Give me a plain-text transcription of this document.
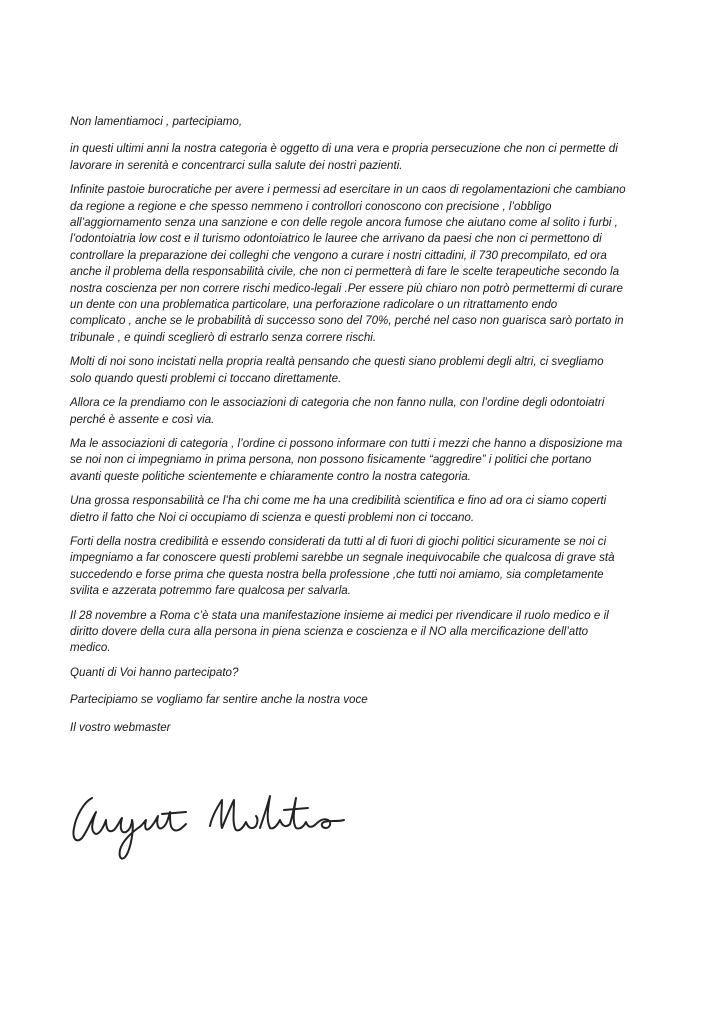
Non lamentiamoci , partecipiamo,

in questi ultimi anni la nostra categoria è oggetto di una vera e propria persecuzione che non ci permette di
lavorare in serenità e concentrarci sulla salute dei nostri pazienti.

Infinite pastoie burocratiche per avere i permessi ad esercitare in un caos di regolamentazioni che cambiano
da regione a regione e che spesso nemmeno i controllori conoscono con precisione , l’obbligo
all’aggiornamento senza una sanzione e con delle regole ancora fumose che aiutano come al solito i furbi ,
l’odontoiatria low cost e il turismo odontoiatrico le lauree che arrivano da paesi che non ci permettono di
controllare la preparazione dei colleghi che vengono a curare i nostri cittadini, il 730 precompilato, ed ora
anche il problema della responsabilità civile, che non ci permetterà di fare le scelte terapeutiche secondo la
nostra coscienza per non correre rischi medico-legali .Per essere più chiaro non potrò permettermi di curare
un dente con una problematica particolare, una perforazione radicolare o un ritrattamento endo
complicato , anche se le probabilità di successo sono del 70%, perché nel caso non guarisca sarò portato in
tribunale , e quindi sceglierò di estrarlo senza correre rischi.

Molti di noi sono incistati nella propria realtà pensando che questi siano problemi degli altri, ci svegliamo
solo quando questi problemi ci toccano direttamente.

Allora ce la prendiamo con le associazioni di categoria che non fanno nulla, con l’ordine degli odontoiatri
perché è assente e così via.

Ma le associazioni di categoria , l’ordine ci possono informare con tutti i mezzi che hanno a disposizione ma
se noi non ci impegniamo in prima persona, non possono fisicamente “aggredire” i politici che portano
avanti queste politiche scientemente e chiaramente contro la nostra categoria.

Una grossa responsabilità ce l’ha chi come me ha una credibilità scientifica e fino ad ora ci siamo coperti
dietro il fatto che Noi ci occupiamo di scienza e questi problemi non ci toccano.

Forti della nostra credibilità e essendo considerati da tutti al di fuori di giochi politici sicuramente se noi ci
impegniamo a far conoscere questi problemi sarebbe un segnale inequivocabile che qualcosa di grave stà
succedendo e forse prima che questa nostra bella professione ,che tutti noi amiamo, sia completamente
svilita e azzerata potremmo fare qualcosa per salvarla.

Il 28 novembre a Roma c’è stata una manifestazione insieme ai medici per rivendicare il ruolo medico e il
diritto dovere della cura alla persona in piena scienza e coscienza e il NO alla mercificazione dell’atto
medico.

Quanti di Voi hanno partecipato?

Partecipiamo se vogliamo far sentire anche la nostra voce

Il vostro webmaster
